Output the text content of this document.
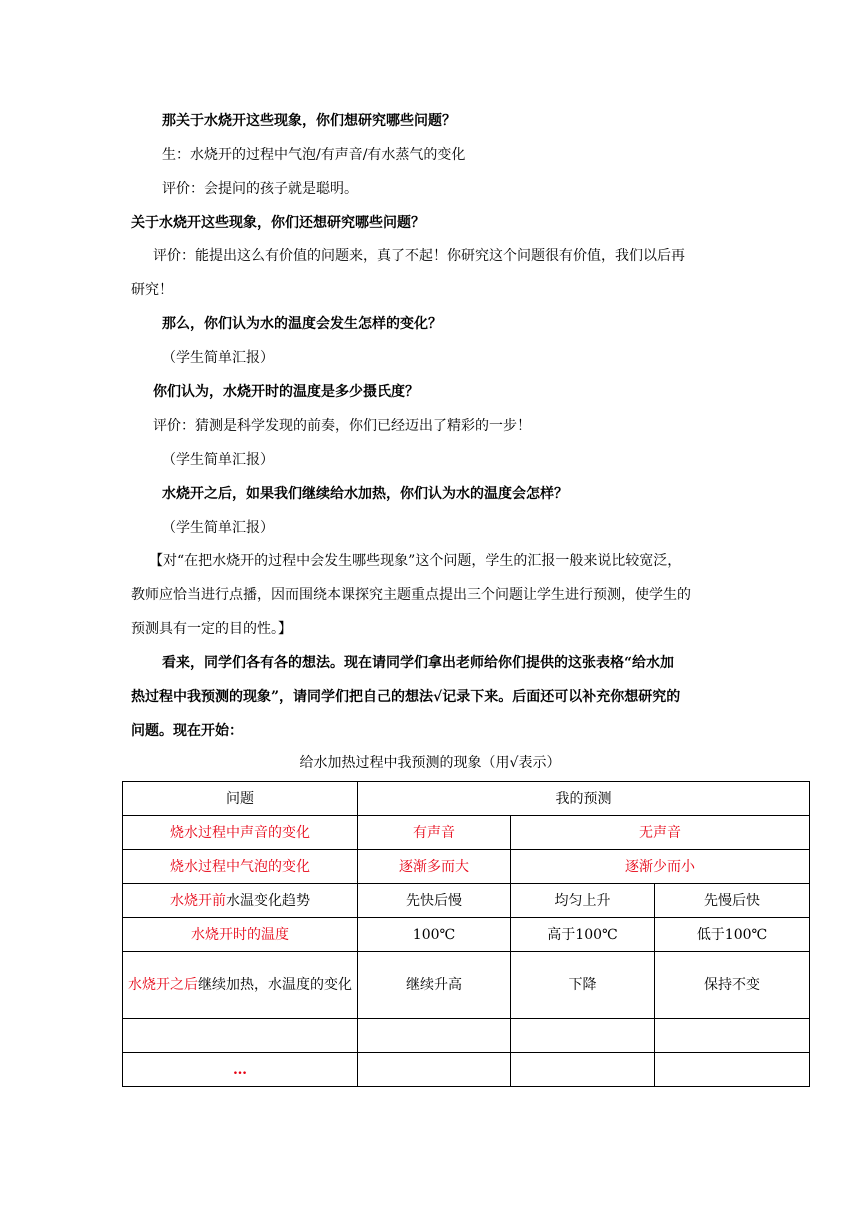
那关于水烧开这些现象，你们想研究哪些问题？
生：水烧开的过程中气泡/有声音/有水蒸气的变化
评价：会提问的孩子就是聪明。
关于水烧开这些现象，你们还想研究哪些问题？
评价：能提出这么有价值的问题来，真了不起！你研究这个问题很有价值，我们以后再
研究！
那么，你们认为水的温度会发生怎样的变化？
（学生简单汇报）
你们认为，水烧开时的温度是多少摄氏度？
评价：猜测是科学发现的前奏，你们已经迈出了精彩的一步！
（学生简单汇报）
水烧开之后，如果我们继续给水加热，你们认为水的温度会怎样？
（学生简单汇报）
【对“在把水烧开的过程中会发生哪些现象”这个问题，学生的汇报一般来说比较宽泛，
教师应恰当进行点播，因而围绕本课探究主题重点提出三个问题让学生进行预测，使学生的
预测具有一定的目的性。】
看来，同学们各有各的想法。现在请同学们拿出老师给你们提供的这张表格“给水加
热过程中我预测的现象”，请同学们把自己的想法√记录下来。后面还可以补充你想研究的
问题。现在开始：
给水加热过程中我预测的现象（用√表示）
问题	我的预测		
烧水过程中声音的变化	有声音	无声音	
烧水过程中气泡的变化	逐渐多而大	逐渐少而小	
水烧开前水温变化趋势	先快后慢	均匀上升	先慢后快
水烧开时的温度	100℃	高于100℃	低于100℃
水烧开之后继续加热，水温度的变化	继续升高	下降	保持不变

…			
